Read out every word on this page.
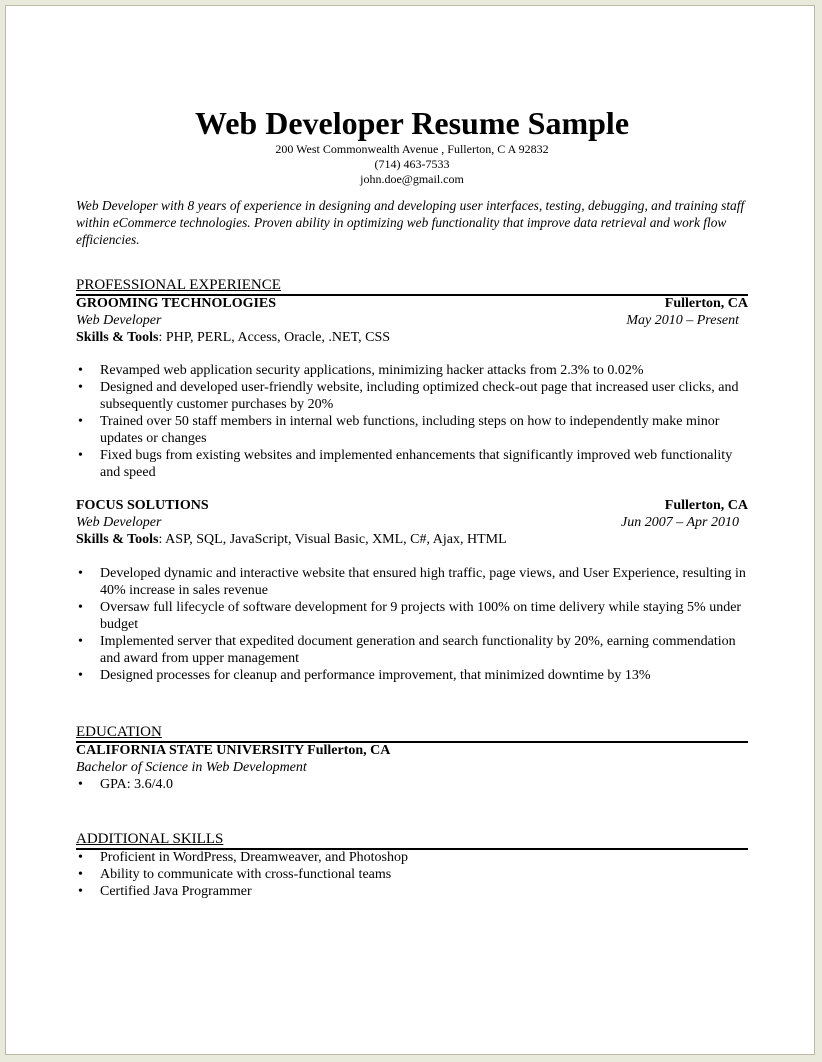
Web Developer Resume Sample
200 West Commonwealth Avenue , Fullerton, C A 92832
(714) 463-7533
john.doe@gmail.com
Web Developer with 8 years of experience in designing and developing user interfaces, testing, debugging, and training staff within eCommerce technologies. Proven ability in optimizing web functionality that improve data retrieval and work flow efficiencies.
PROFESSIONAL EXPERIENCE
GROOMING TECHNOLOGIES	Fullerton, CA
Web Developer	May 2010 – Present
Skills & Tools: PHP, PERL, Access, Oracle, .NET, CSS
• Revamped web application security applications, minimizing hacker attacks from 2.3% to 0.02%
• Designed and developed user-friendly website, including optimized check-out page that increased user clicks, and subsequently customer purchases by 20%
• Trained over 50 staff members in internal web functions, including steps on how to independently make minor updates or changes
• Fixed bugs from existing websites and implemented enhancements that significantly improved web functionality and speed
FOCUS SOLUTIONS	Fullerton, CA
Web Developer	Jun 2007 – Apr 2010
Skills & Tools: ASP, SQL, JavaScript, Visual Basic, XML, C#, Ajax, HTML
• Developed dynamic and interactive website that ensured high traffic, page views, and User Experience, resulting in 40% increase in sales revenue
• Oversaw full lifecycle of software development for 9 projects with 100% on time delivery while staying 5% under budget
• Implemented server that expedited document generation and search functionality by 20%, earning commendation and award from upper management
• Designed processes for cleanup and performance improvement, that minimized downtime by 13%
EDUCATION
CALIFORNIA STATE UNIVERSITY Fullerton, CA
Bachelor of Science in Web Development
• GPA: 3.6/4.0
ADDITIONAL SKILLS
• Proficient in WordPress, Dreamweaver, and Photoshop
• Ability to communicate with cross-functional teams
• Certified Java Programmer
